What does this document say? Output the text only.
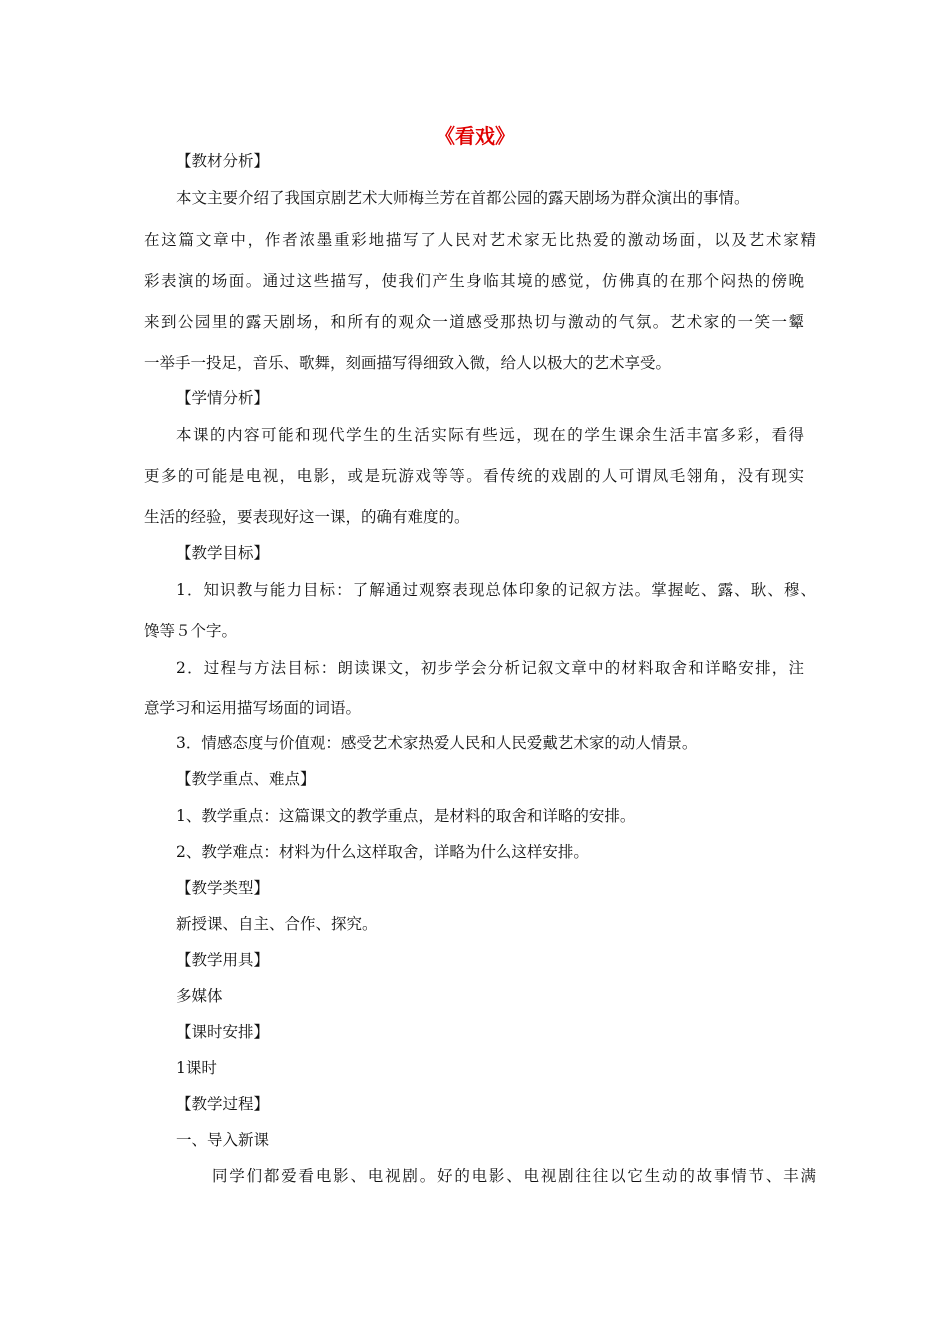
《看戏》
【教材分析】
本文主要介绍了我国京剧艺术大师梅兰芳在首都公园的露天剧场为群众演出的事情。
在这篇文章中，作者浓墨重彩地描写了人民对艺术家无比热爱的激动场面，以及艺术家精
彩表演的场面。通过这些描写，使我们产生身临其境的感觉，仿佛真的在那个闷热的傍晚
来到公园里的露天剧场，和所有的观众一道感受那热切与激动的气氛。艺术家的一笑一颦
一举手一投足，音乐、歌舞，刻画描写得细致入微，给人以极大的艺术享受。
【学情分析】
本课的内容可能和现代学生的生活实际有些远，现在的学生课余生活丰富多彩，看得
更多的可能是电视，电影，或是玩游戏等等。看传统的戏剧的人可谓凤毛翎角，没有现实
生活的经验，要表现好这一课，的确有难度的。
【教学目标】
1．知识教与能力目标：了解通过观察表现总体印象的记叙方法。掌握屹、露、耿、穆、
馋等５个字。
2．过程与方法目标：朗读课文，初步学会分析记叙文章中的材料取舍和详略安排，注
意学习和运用描写场面的词语。
3．情感态度与价值观：感受艺术家热爱人民和人民爱戴艺术家的动人情景。
【教学重点、难点】
1、教学重点：这篇课文的教学重点，是材料的取舍和详略的安排。
2、教学难点：材料为什么这样取舍，详略为什么这样安排。
【教学类型】
新授课、自主、合作、探究。
【教学用具】
多媒体
【课时安排】
1课时
【教学过程】
一、导入新课
同学们都爱看电影、电视剧。好的电影、电视剧往往以它生动的故事情节、丰满
